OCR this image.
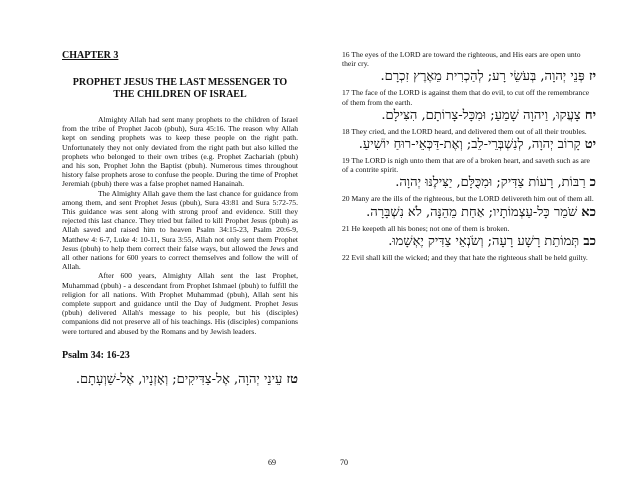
CHAPTER 3

PROPHET JESUS THE LAST MESSENGER TO THE CHILDREN OF ISRAEL

Almighty Allah had sent many prophets to the children of Israel from the tribe of Prophet Jacob (pbuh), Sura 45:16. The reason why Allah kept on sending prophets was to keep these people on the right path. Unfortunately they not only deviated from the right path but also killed the prophets who belonged to their own tribes (e.g. Prophet Zachariah (pbuh) and his son, Prophet John the Baptist (pbuh). Numerous times throughout history false prophets arose to confuse the people. During the time of Prophet Jeremiah (pbuh) there was a false prophet named Hanainah.

The Almighty Allah gave them the last chance for guidance from among them, and sent Prophet Jesus (pbuh), Sura 43:81 and Sura 5:72-75. This guidance was sent along with strong proof and evidence. Still they rejected this last chance. They tried but failed to kill Prophet Jesus (pbuh) as Allah saved and raised him to heaven Psalm 34:15-23, Psalm 20:6-9, Matthew 4: 6-7, Luke 4: 10-11, Sura 3:55, Allah not only sent them Prophet Jesus (pbuh) to help them correct their false ways, but allowed the Jews and all other nations for 600 years to correct themselves and follow the will of Allah.

After 600 years, Almighty Allah sent the last Prophet, Muhammad (pbuh) - a descendant from Prophet Ishmael (pbuh) to fulfill the religion for all nations. With Prophet Muhammad (pbuh), Allah sent his complete support and guidance until the Day of Judgment. Prophet Jesus (pbuh) delivered Allah's message to his people, but his (disciples) companions did not preserve all of his teachings. His (disciples) companions were tortured and abused by the Romans and by Jewish leaders.

Psalm 34: 16-23

טז עֵינֵי יְהוָה, אֶל-צַדִּיקִים; וְאָזְנָיו, אֶל-שַׁוְעָתָם.

69

16 The eyes of the LORD are toward the righteous, and His ears are open unto their cry.

יז פְּנֵי יְהוָה, בְּעֹשֵׂי רָע; לְהַכְרִית מֵאֶרֶץ זִכְרָם.

17 The face of the LORD is against them that do evil, to cut off the remembrance of them from the earth.

יח צָעֲקוּ, וַיהוָה שָׁמֵעַ; וּמִכָּל-צָרוֹתָם, הִצִּילָם.

18 They cried, and the LORD heard, and delivered them out of all their troubles.

יט קָרוֹב יְהוָה, לְנִשְׁבְּרֵי-לֵב; וְאֶת-דַּכְּאֵי-רוּחַ יוֹשִׁיעַ.

19 The LORD is nigh unto them that are of a broken heart, and saveth such as are of a contrite spirit.

כ רַבּוֹת, רָעוֹת צַדִּיק; וּמִכֻּלָּם, יַצִּילֶנּוּ יְהוָה.

20 Many are the ills of the righteous, but the LORD delivereth him out of them all.

כא שֹׁמֵר כָּל-עַצְמוֹתָיו; אַחַת מֵהֵנָּה, לֹא נִשְׁבָּרָה.

21 He keepeth all his bones; not one of them is broken.

כב תְּמוֹתֵת רָשָׁע רָעָה; וְשֹׂנְאֵי צַדִּיק יֶאְשָׁמוּ.

22 Evil shall kill the wicked; and they that hate the righteous shall be held guilty.

70
